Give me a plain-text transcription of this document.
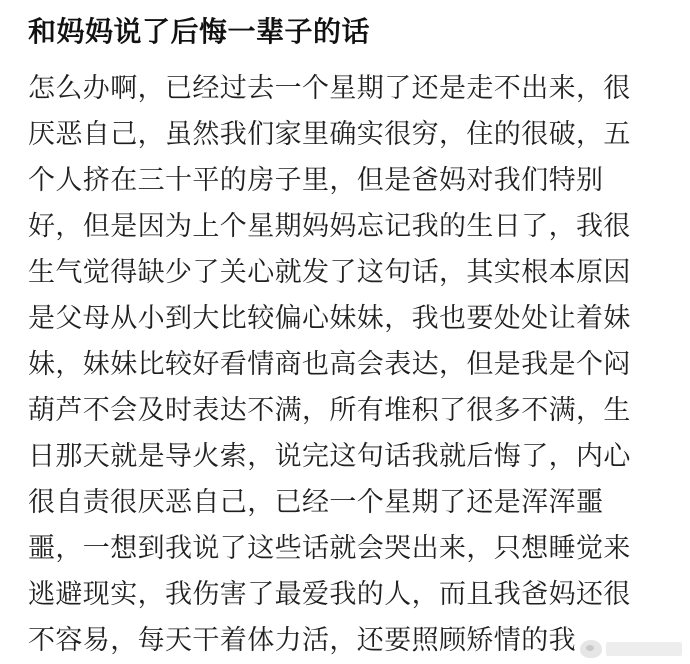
和妈妈说了后悔一辈子的话
怎么办啊，已经过去一个星期了还是走不出来，很
厌恶自己，虽然我们家里确实很穷，住的很破，五
个人挤在三十平的房子里，但是爸妈对我们特别
好，但是因为上个星期妈妈忘记我的生日了，我很
生气觉得缺少了关心就发了这句话，其实根本原因
是父母从小到大比较偏心妹妹，我也要处处让着妹
妹，妹妹比较好看情商也高会表达，但是我是个闷
葫芦不会及时表达不满，所有堆积了很多不满，生
日那天就是导火索，说完这句话我就后悔了，内心
很自责很厌恶自己，已经一个星期了还是浑浑噩
噩，一想到我说了这些话就会哭出来，只想睡觉来
逃避现实，我伤害了最爱我的人，而且我爸妈还很
不容易，每天干着体力活，还要照顾矫情的我
